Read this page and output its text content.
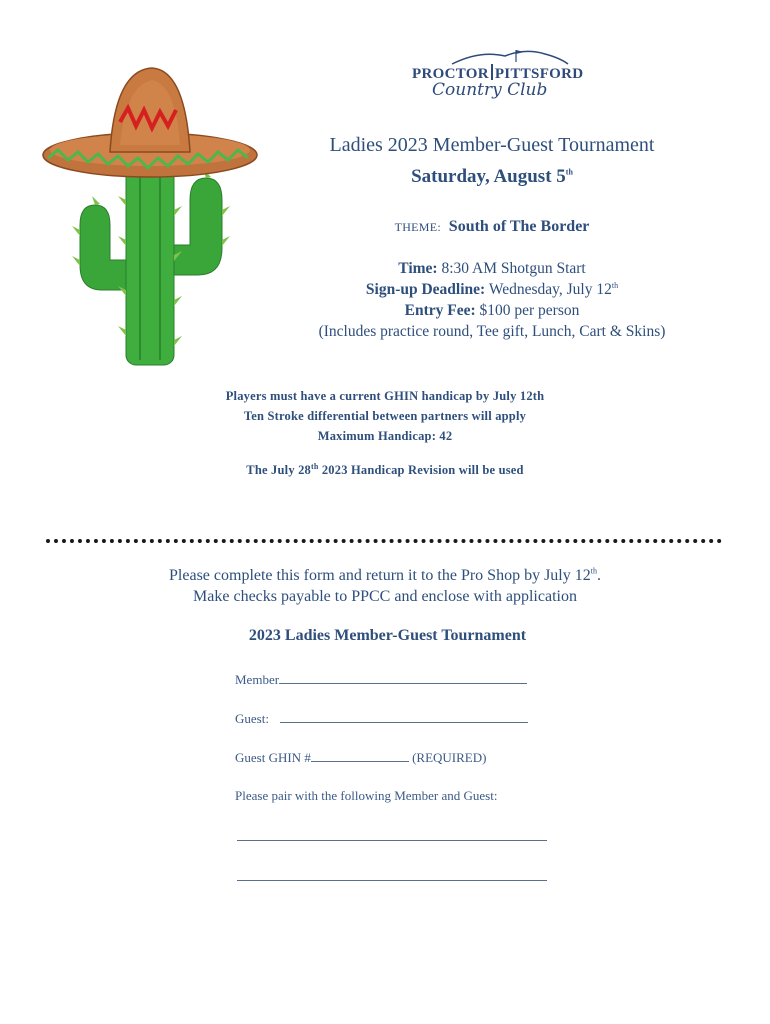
PROCTOR PITTSFORD
Country Club
Ladies 2023 Member-Guest Tournament
Saturday, August 5th
THEME: South of The Border
Time: 8:30 AM Shotgun Start
Sign-up Deadline: Wednesday, July 12th
Entry Fee: $100 per person
(Includes practice round, Tee gift, Lunch, Cart & Skins)
Players must have a current GHIN handicap by July 12th
Ten Stroke differential between partners will apply
Maximum Handicap: 42
The July 28th 2023 Handicap Revision will be used
Please complete this form and return it to the Pro Shop by July 12th.
Make checks payable to PPCC and enclose with application
2023 Ladies Member-Guest Tournament
Member
Guest:
Guest GHIN #	(REQUIRED)
Please pair with the following Member and Guest:
